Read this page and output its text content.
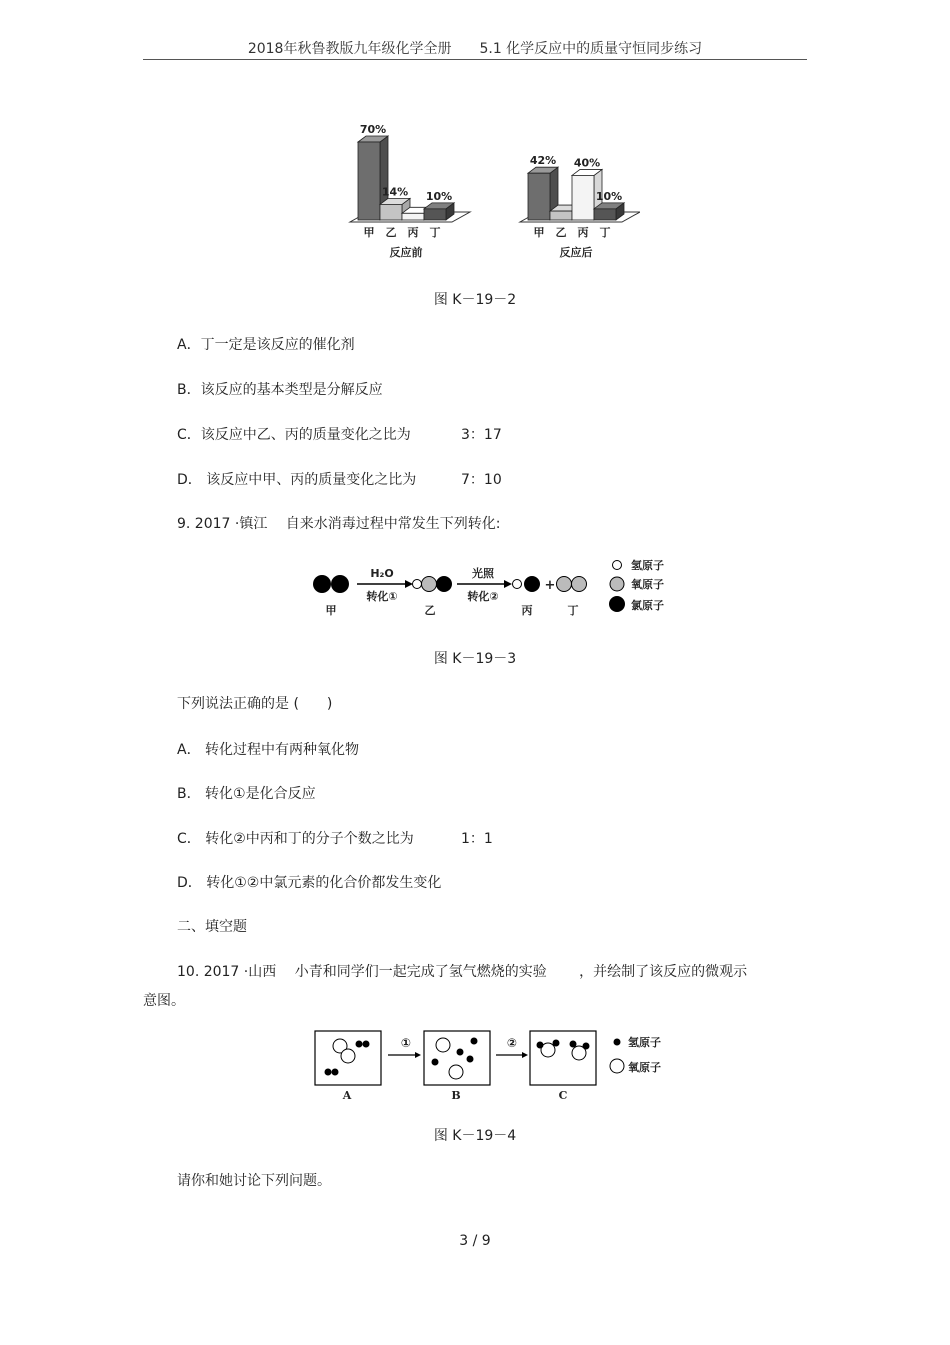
2018年秋鲁教版九年级化学全册　　5.1 化学反应中的质量守恒同步练习
70%
甲
14%
乙 丙
10%
丁
反应前
42%
甲 乙
40%
丙
10%
丁
反应后
图 K－19－2
A．丁一定是该反应的催化剂
B．该反应的基本类型是分解反应
C．该反应中乙、丙的质量变化之比为	3：17
D． 该反应中甲、丙的质量变化之比为	7：10
9. 2017 ·镇江　 自来水消毒过程中常发生下列转化:
H₂O
转化①
光照
转化②
+
甲	乙	丙	丁
氢原子
氧原子
氯原子
图 K－19－3
下列说法正确的是 (　　)
A． 转化过程中有两种氧化物
B． 转化①是化合反应
C． 转化②中丙和丁的分子个数之比为	1：1
D． 转化①②中氯元素的化合价都发生变化
二、填空题
10. 2017 ·山西　 小青和同学们一起完成了氢气燃烧的实验　　 ，并绘制了该反应的微观示
意图。
①	②
A	B	C
氢原子
氧原子
图 K－19－4
请你和她讨论下列问题。
3 / 9
